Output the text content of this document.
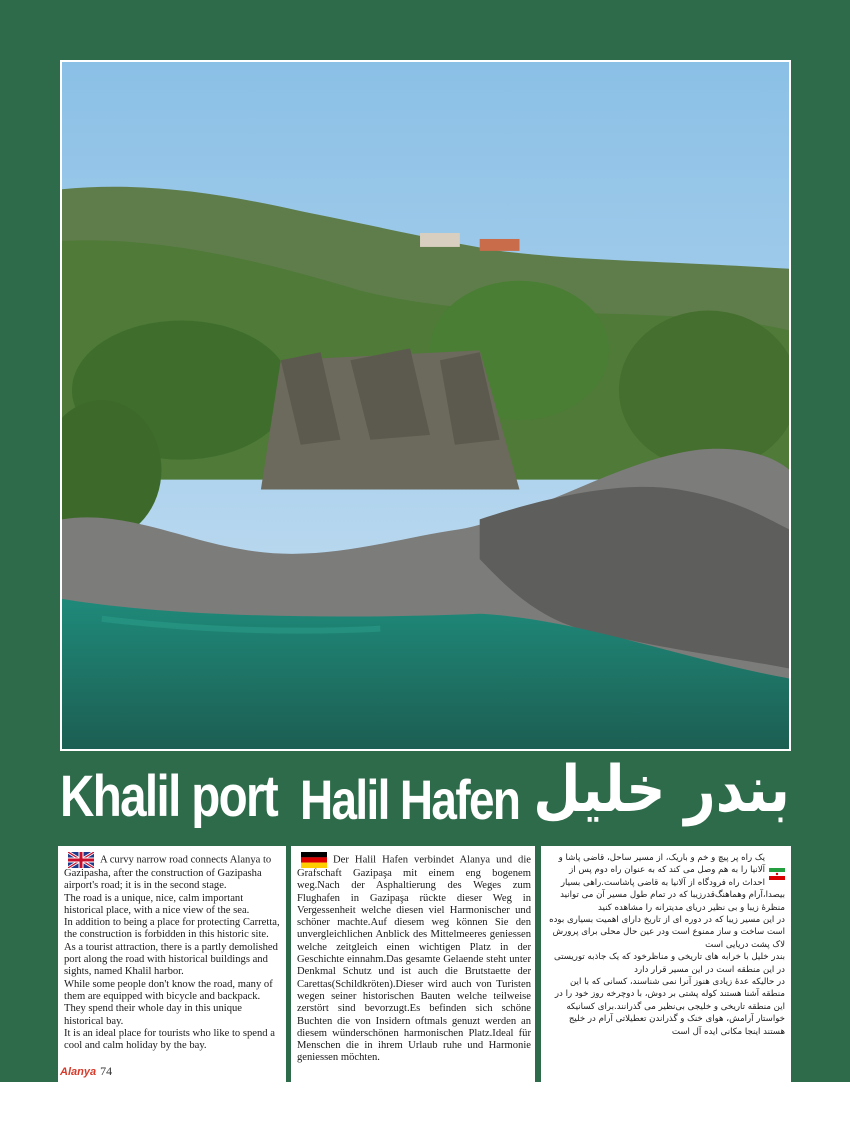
Khalil port Halil Hafen بندر خلیل
A curvy narrow road connects Alanya to Gazipasha, after the construction of Gazipasha airport's road; it is in the second stage.
The road is a unique, nice, calm important historical place, with a nice view of the sea.
In addition to being a place for protecting Carretta, the construction is forbidden in this historic site.
As a tourist attraction, there is a partly demolished port along the road with historical buildings and sights, named Khalil harbor.
While some people don't know the road, many of them are equipped with bicycle and backpack. They spend their whole day in this unique historical bay.
It is an ideal place for tourists who like to spend a cool and calm holiday by the bay.
Der Halil Hafen verbindet Alanya und die Grafschaft Gazipaşa mit einem eng bogenem weg.Nach der Asphaltierung des Weges zum Flughafen in Gazipaşa rückte dieser Weg in Vergessenheit welche diesen viel Harmonischer und schöner machte.Auf diesem weg können Sie den unvergleichlichen Anblick des Mittelmeeres geniessen welche zeitgleich einen wichtigen Platz in der Geschichte einnahm.Das gesamte Gelaende steht unter Denkmal Schutz und ist auch die Brutstaette der Carettas(Schildkröten).Dieser wird auch von Turisten wegen seiner historischen Bauten welche teilweise zerstört sind bevorzugt.Es befinden sich schöne Buchten die von Insidern oftmals genuzt werden an diesem wünderschönen harmonischen Platz.Ideal für Menschen die in ihrem Urlaub ruhe und Harmonie geniessen möchten.
یک راه پر پیچ و خم و باریک، از مسیر ساحل، قاضی پاشا و آلانیا را به هم وصل می کند که به عنوان راه دوم پس از احداث راه فرودگاه از آلانیا به قاضی پاشاست.راهی بسیار بیصدا،آرام وهماهنگ‌قدرزیبا که در تمام طول مسیر آن می توانید منظرهٔ زیبا و بی نظیر دریای مدیترانه را مشاهده کنید
در این مسیر زیبا که در دوره ای از تاریخ دارای اهمیت بسیاری بوده است ساخت و ساز ممنوع است ودر عین حال محلی برای پرورش لاک پشت دریایی است
بندر خلیل با خرابه های تاریخی و مناظرخود که یک جاذبه توریستی در این منطقه است در این مسیر قرار دارد
در حالیکه عدهٔ زیادی هنوز آنرا نمی شناسند، کسانی که با این منطقه آشنا هستند کوله پشتی بر دوش، با دوچرخه روز خود را در این منطقه تاریخی و خلیجی بی‌نظیر می گذرانند.برای کسانیکه خواستار آرامش، هوای خنک و گذراندن تعطیلاتی آرام در خلیج هستند اینجا مکانی ایده آل است
Alanya 74
